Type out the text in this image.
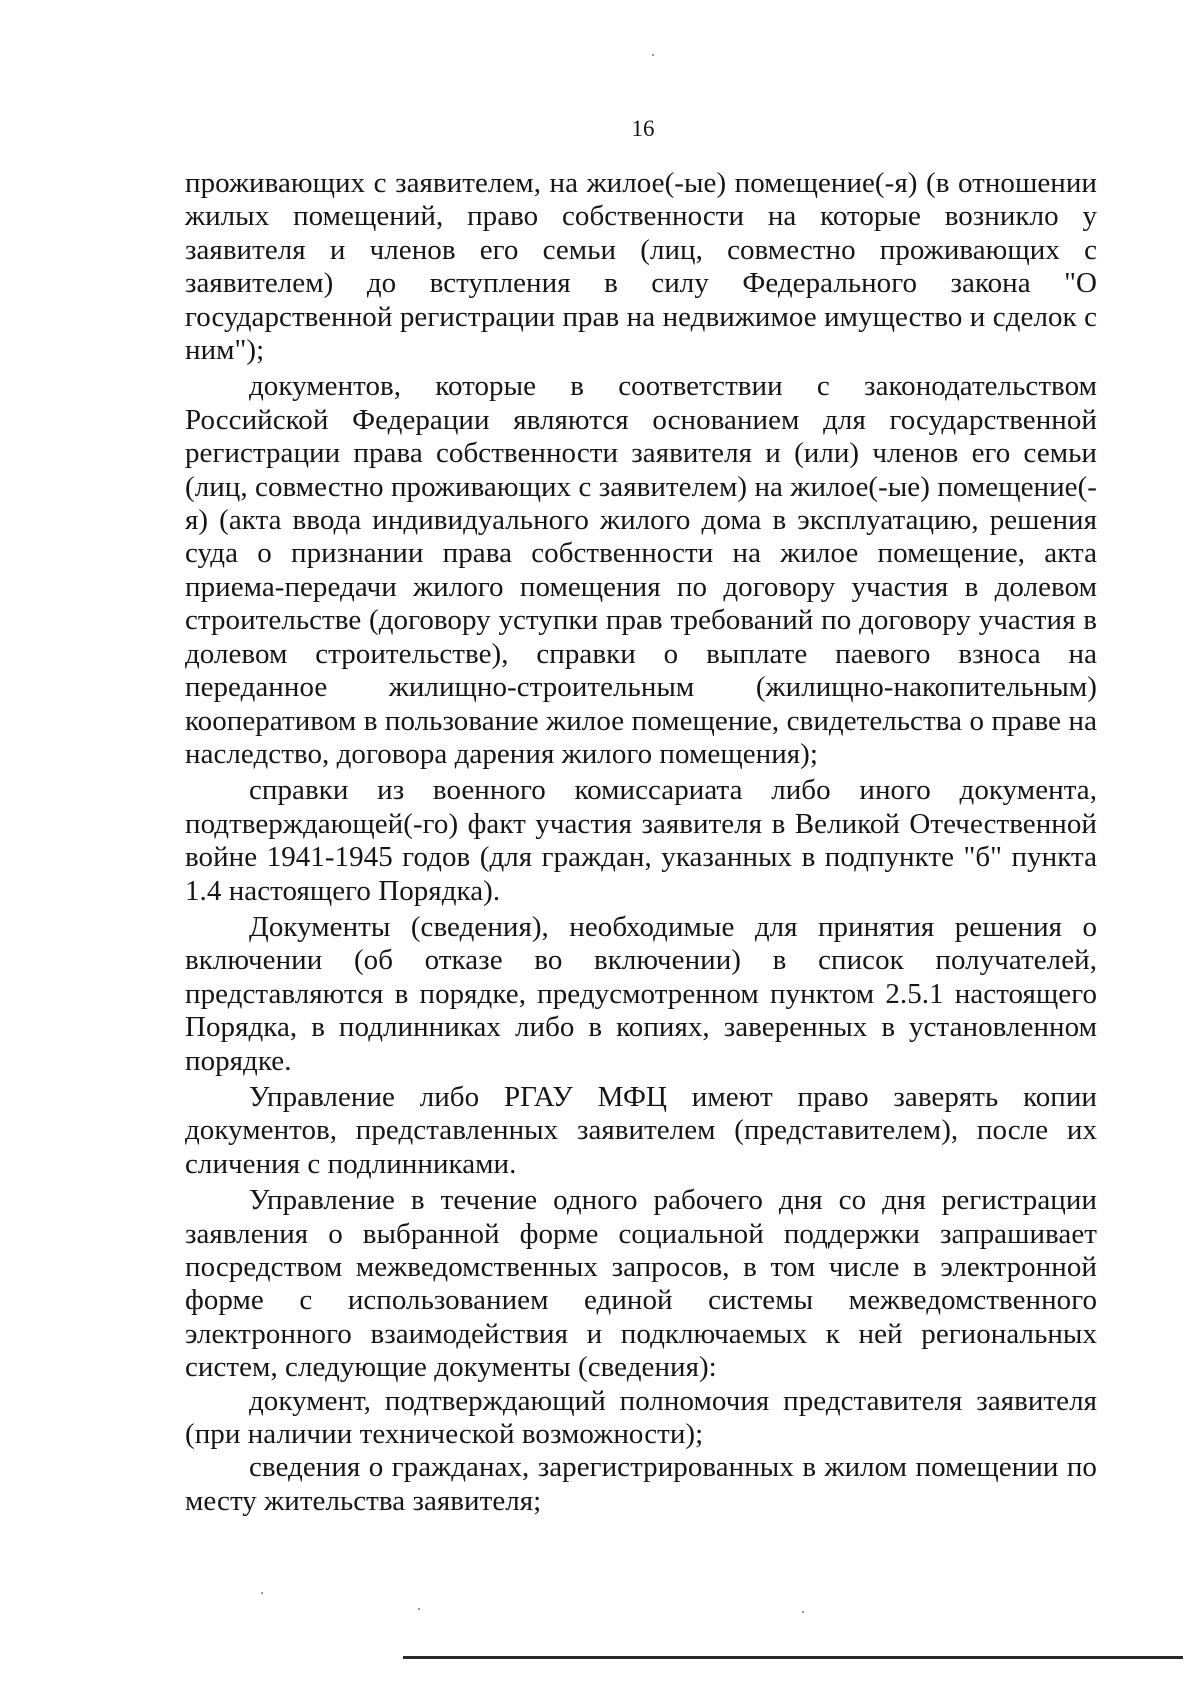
16

проживающих с заявителем, на жилое(-ые) помещение(-я) (в отношении жилых помещений, право собственности на которые возникло у заявителя и членов его семьи (лиц, совместно проживающих с заявителем) до вступления в силу Федерального закона "О государственной регистрации прав на недвижимое имущество и сделок с ним");

документов, которые в соответствии с законодательством Российской Федерации являются основанием для государственной регистрации права собственности заявителя и (или) членов его семьи (лиц, совместно проживающих с заявителем) на жилое(-ые) помещение(-я) (акта ввода индивидуального жилого дома в эксплуатацию, решения суда о признании права собственности на жилое помещение, акта приема-передачи жилого помещения по договору участия в долевом строительстве (договору уступки прав требований по договору участия в долевом строительстве), справки о выплате паевого взноса на переданное жилищно-строительным (жилищно-накопительным) кооперативом в пользование жилое помещение, свидетельства о праве на наследство, договора дарения жилого помещения);

справки из военного комиссариата либо иного документа, подтверждающей(-го) факт участия заявителя в Великой Отечественной войне 1941-1945 годов (для граждан, указанных в подпункте "б" пункта 1.4 настоящего Порядка).

Документы (сведения), необходимые для принятия решения о включении (об отказе во включении) в список получателей, представляются в порядке, предусмотренном пунктом 2.5.1 настоящего Порядка, в подлинниках либо в копиях, заверенных в установленном порядке.

Управление либо РГАУ МФЦ имеют право заверять копии документов, представленных заявителем (представителем), после их сличения с подлинниками.

Управление в течение одного рабочего дня со дня регистрации заявления о выбранной форме социальной поддержки запрашивает посредством межведомственных запросов, в том числе в электронной форме с использованием единой системы межведомственного электронного взаимодействия и подключаемых к ней региональных систем, следующие документы (сведения):

документ, подтверждающий полномочия представителя заявителя (при наличии технической возможности);

сведения о гражданах, зарегистрированных в жилом помещении по месту жительства заявителя;
